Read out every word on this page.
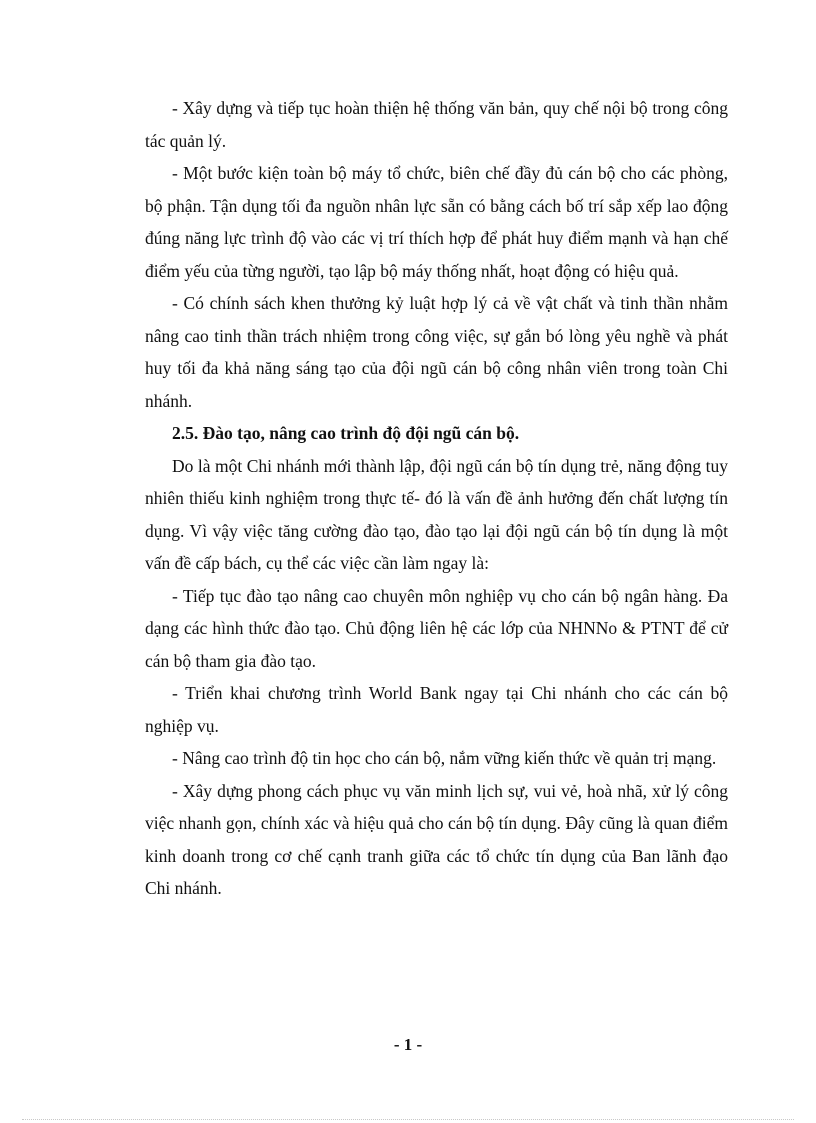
- Xây dựng và tiếp tục hoàn thiện hệ thống văn bản, quy chế nội bộ trong công tác quản lý.

- Một bước kiện toàn bộ máy tổ chức, biên chế đầy đủ cán bộ cho các phòng, bộ phận. Tận dụng tối đa nguồn nhân lực sẵn có bằng cách bố trí sắp xếp lao động đúng năng lực trình độ vào các vị trí thích hợp để phát huy điểm mạnh và hạn chế điểm yếu của từng người, tạo lập bộ máy thống nhất, hoạt động có hiệu quả.

- Có chính sách khen thưởng kỷ luật hợp lý cả về vật chất và tinh thần nhằm nâng cao tinh thần trách nhiệm trong công việc, sự gắn bó lòng yêu nghề và phát huy tối đa khả năng sáng tạo của đội ngũ cán bộ công nhân viên trong toàn Chi nhánh.

2.5. Đào tạo, nâng cao trình độ đội ngũ cán bộ.

Do là một Chi nhánh mới thành lập, đội ngũ cán bộ tín dụng trẻ, năng động tuy nhiên thiếu kinh nghiệm trong thực tế- đó là vấn đề ảnh hưởng đến chất lượng tín dụng. Vì vậy việc tăng cường đào tạo, đào tạo lại đội ngũ cán bộ tín dụng là một vấn đề cấp bách, cụ thể các việc cần làm ngay là:

- Tiếp tục đào tạo nâng cao chuyên môn nghiệp vụ cho cán bộ ngân hàng. Đa dạng các hình thức đào tạo. Chủ động liên hệ các lớp của NHNNo & PTNT để cử cán bộ tham gia đào tạo.

- Triển khai chương trình World Bank ngay tại Chi nhánh cho các cán bộ nghiệp vụ.

- Nâng cao trình độ tin học cho cán bộ, nắm vững kiến thức về quản trị mạng.

- Xây dựng phong cách phục vụ văn minh lịch sự, vui vẻ, hoà nhã, xử lý công việc nhanh gọn, chính xác và hiệu quả cho cán bộ tín dụng. Đây cũng là quan điểm kinh doanh trong cơ chế cạnh tranh giữa các tổ chức tín dụng của Ban lãnh đạo Chi nhánh.

- 1 -
